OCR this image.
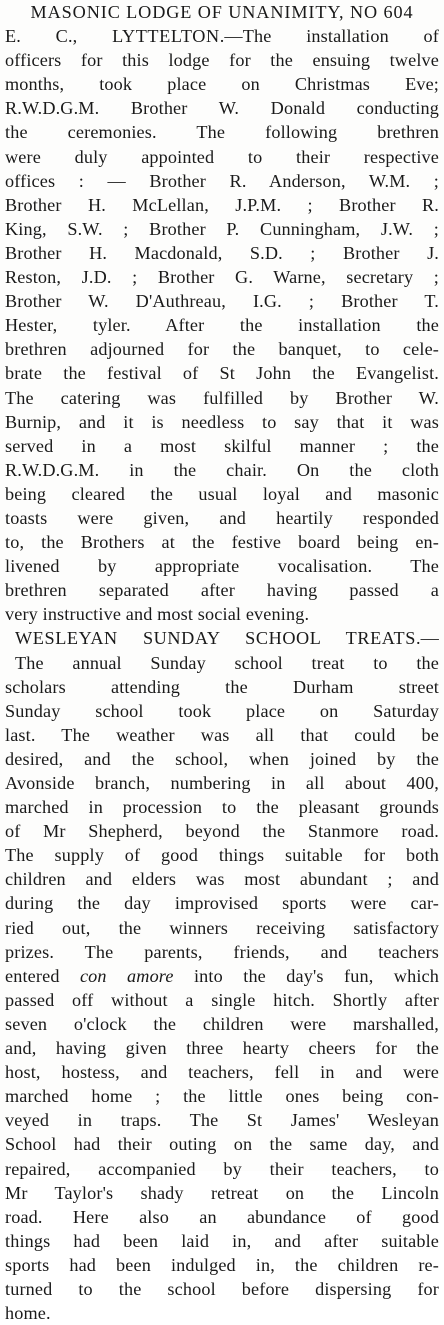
MASONIC LODGE OF UNANIMITY, NO 604
E. C., LYTTELTON.—The installation of
officers for this lodge for the ensuing twelve
months, took place on Christmas Eve;
R.W.D.G.M. Brother W. Donald conducting
the ceremonies. The following brethren
were duly appointed to their respective
offices : — Brother R. Anderson, W.M. ;
Brother H. McLellan, J.P.M. ; Brother R.
King, S.W. ; Brother P. Cunningham, J.W. ;
Brother H. Macdonald, S.D. ; Brother J.
Reston, J.D. ; Brother G. Warne, secretary ;
Brother W. D'Authreau, I.G. ; Brother T.
Hester, tyler. After the installation the
brethren adjourned for the banquet, to cele-
brate the festival of St John the Evangelist.
The catering was fulfilled by Brother W.
Burnip, and it is needless to say that it was
served in a most skilful manner ; the
R.W.D.G.M. in the chair. On the cloth
being cleared the usual loyal and masonic
toasts were given, and heartily responded
to, the Brothers at the festive board being en-
livened by appropriate vocalisation. The
brethren separated after having passed a
very instructive and most social evening.
WESLEYAN SUNDAY SCHOOL TREATS.—
The annual Sunday school treat to the
scholars attending the Durham street
Sunday school took place on Saturday
last. The weather was all that could be
desired, and the school, when joined by the
Avonside branch, numbering in all about 400,
marched in procession to the pleasant grounds
of Mr Shepherd, beyond the Stanmore road.
The supply of good things suitable for both
children and elders was most abundant ; and
during the day improvised sports were car-
ried out, the winners receiving satisfactory
prizes. The parents, friends, and teachers
entered con amore into the day's fun, which
passed off without a single hitch. Shortly after
seven o'clock the children were marshalled,
and, having given three hearty cheers for the
host, hostess, and teachers, fell in and were
marched home ; the little ones being con-
veyed in traps. The St James' Wesleyan
School had their outing on the same day, and
repaired, accompanied by their teachers, to
Mr Taylor's shady retreat on the Lincoln
road. Here also an abundance of good
things had been laid in, and after suitable
sports had been indulged in, the children re-
turned to the school before dispersing for
home.
